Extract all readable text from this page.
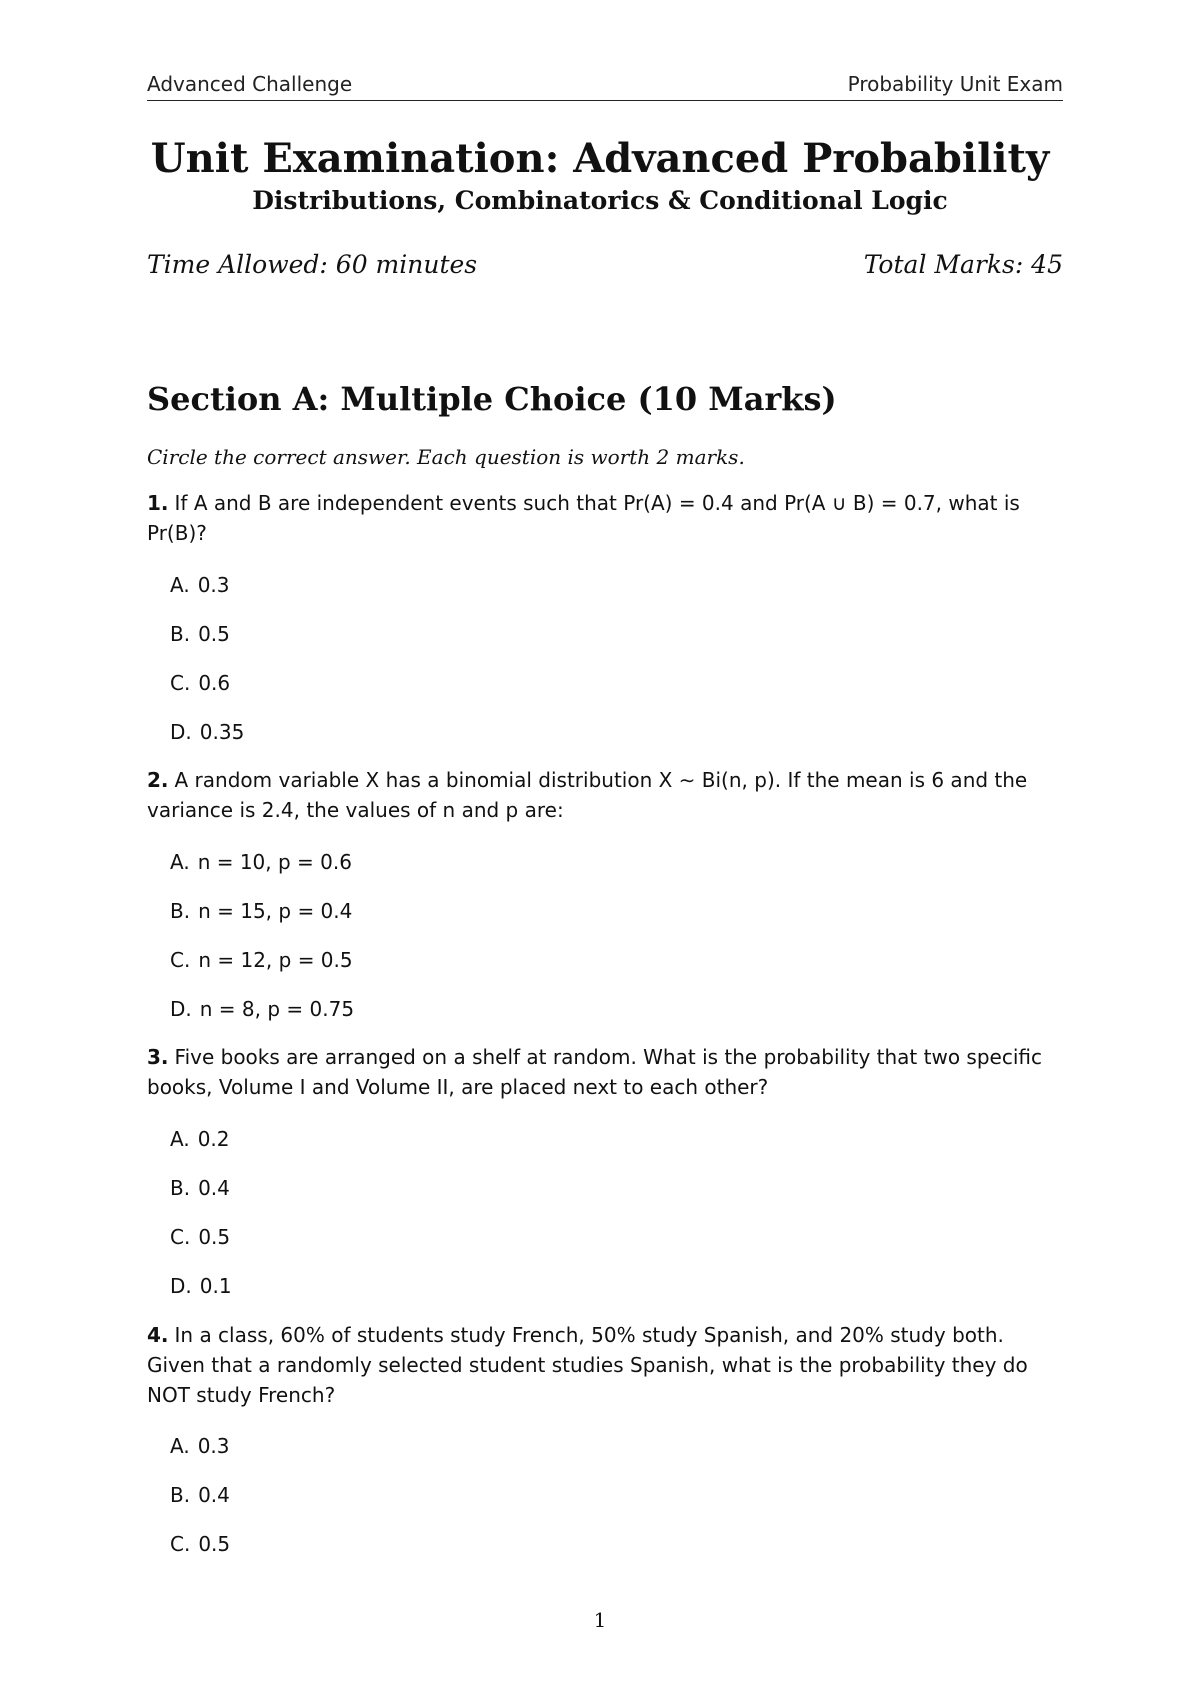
Advanced Challenge	Probability Unit Exam
Unit Examination: Advanced Probability
Distributions, Combinatorics & Conditional Logic
Time Allowed: 60 minutes	Total Marks: 45
Section A: Multiple Choice (10 Marks)

Circle the correct answer. Each question is worth 2 marks.

1. If A and B are independent events such that Pr(A) = 0.4 and Pr(A ∪ B) = 0.7, what is Pr(B)?

A. 0.3
B. 0.5
C. 0.6
D. 0.35

2. A random variable X has a binomial distribution X ∼ Bi(n, p). If the mean is 6 and the variance is 2.4, the values of n and p are:

A. n = 10, p = 0.6
B. n = 15, p = 0.4
C. n = 12, p = 0.5
D. n = 8, p = 0.75

3. Five books are arranged on a shelf at random. What is the probability that two specific books, Volume I and Volume II, are placed next to each other?

A. 0.2
B. 0.4
C. 0.5
D. 0.1

4. In a class, 60% of students study French, 50% study Spanish, and 20% study both. Given that a randomly selected student studies Spanish, what is the probability they do NOT study French?

A. 0.3
B. 0.4
C. 0.5
1
